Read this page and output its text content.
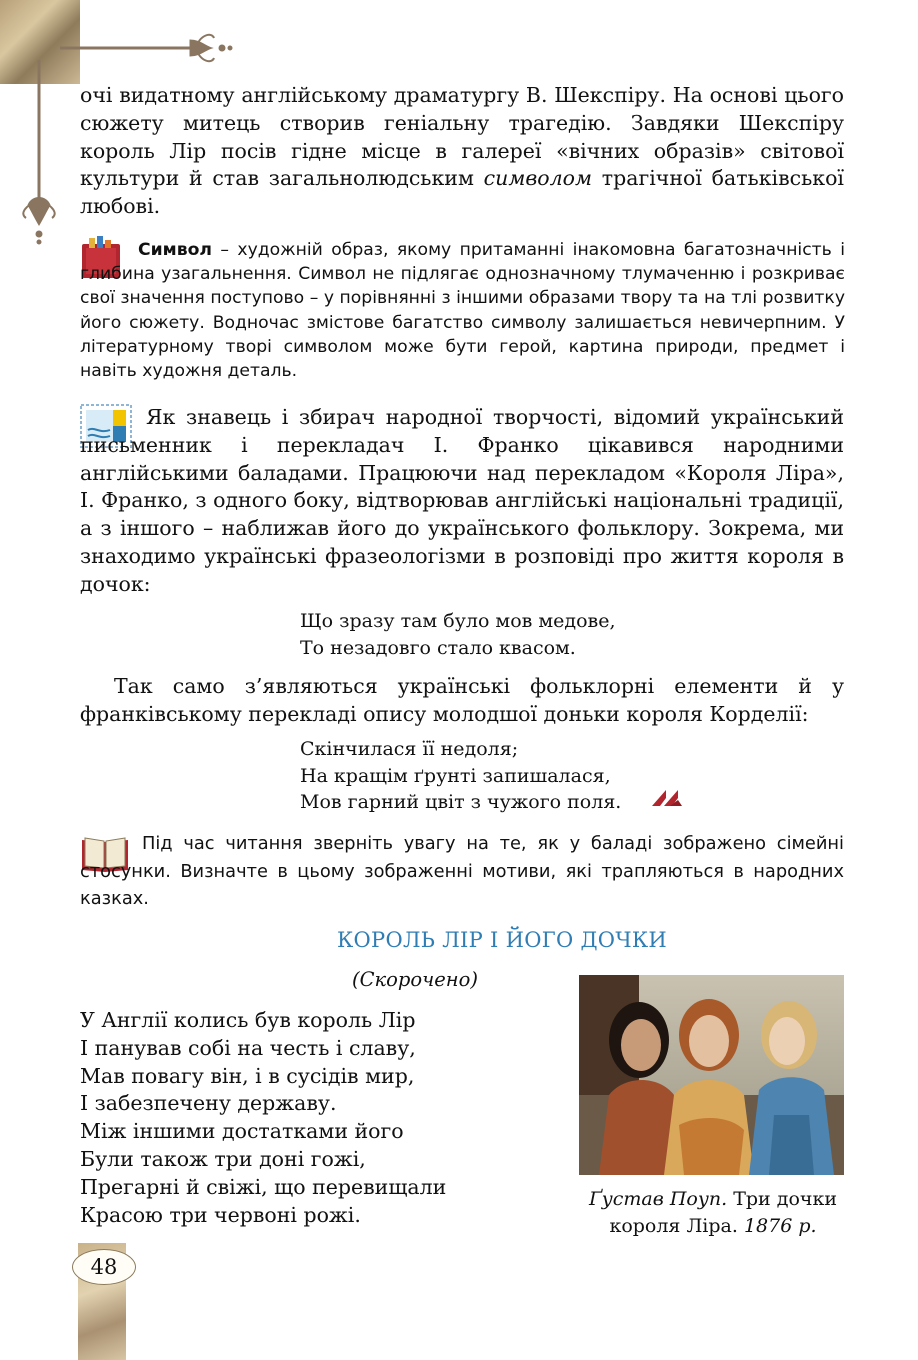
очі видатному англійському драматургу В. Шекспіру. На основі цього сюжету митець створив геніальну трагедію. Завдяки Шекспіру король Лір посів гідне місце в галереї «вічних образів» світової культури й став загальнолюдським символом трагічної батьківської любові.

Символ – художній образ, якому притаманні інакомовна багатозначність і глибина узагальнення. Символ не підлягає однозначному тлумаченню і розкриває свої значення поступово – у порівнянні з іншими образами твору та на тлі розвитку його сюжету. Водночас змістове багатство символу залишається невичерпним. У літературному творі символом може бути герой, картина природи, предмет і навіть художня деталь.

Як знавець і збирач народної творчості, відомий український письменник і перекладач І. Франко цікавився народними англійськими баладами. Працюючи над перекладом «Короля Ліра», І. Франко, з одного боку, відтворював англійські національні традиції, а з іншого – наближав його до українського фольклору. Зокрема, ми знаходимо українські фразеологізми в розповіді про життя короля в дочок:

Що зразу там було мов медове,
То незадовго стало квасом.

Так само з’являються українські фольклорні елементи й у франківському перекладі опису молодшої доньки короля Корделії:

Скінчилася її недоля;
На кращім ґрунті запишалася,
Мов гарний цвіт з чужого поля.

Під час читання зверніть увагу на те, як у баладі зображено сімейні стосунки. Визначте в цьому зображенні мотиви, які трапляються в народних казках.

КОРОЛЬ ЛІР І ЙОГО ДОЧКИ
(Скорочено)
У Англії колись був король Лір
І панував собі на честь і славу,
Мав повагу він, і в сусідів мир,
І забезпечену державу.
Між іншими достатками його
Були також три доні гожі,
Прегарні й свіжі, що перевищали
Красою три червоні рожі.
Ґустав Поуп. Три дочки короля Ліра. 1876 р.
48
